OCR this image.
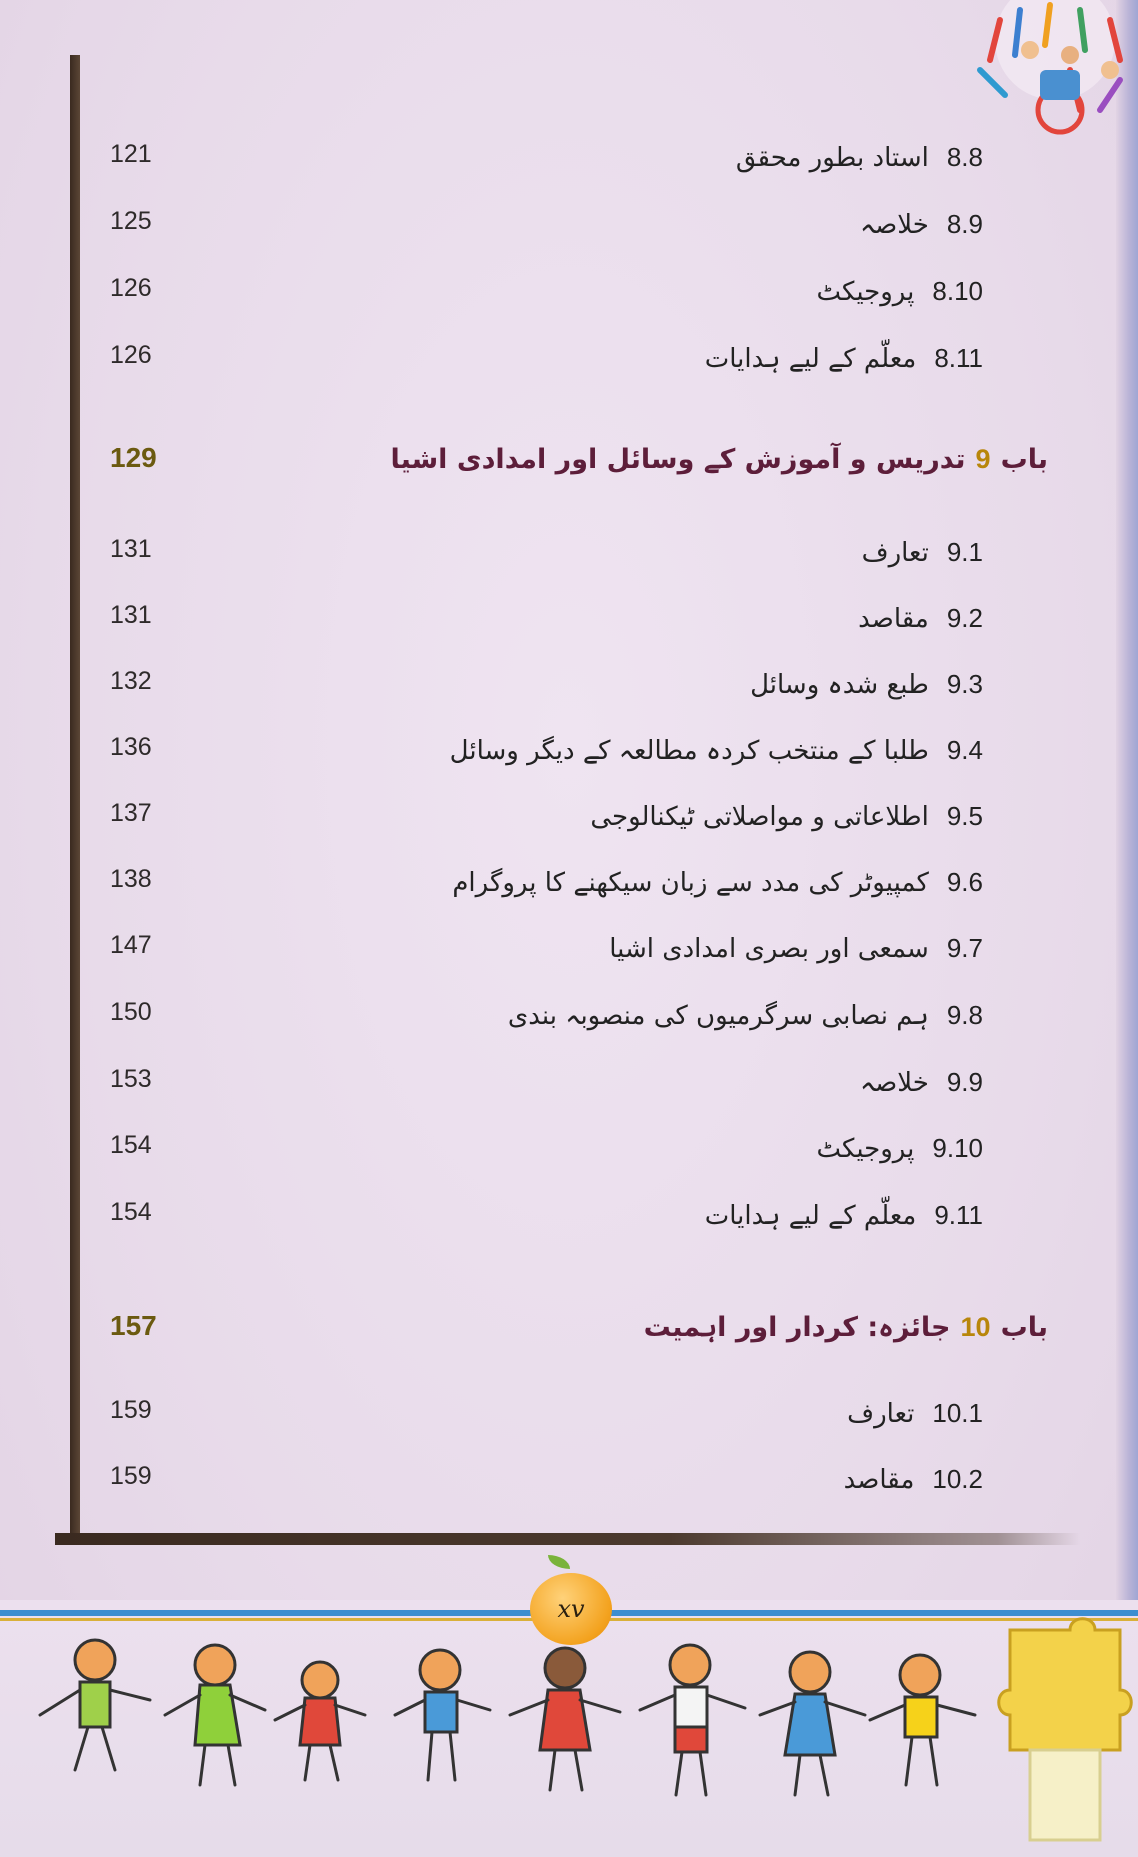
121	8.8استاد بطور محقق
125	8.9خلاصہ
126	8.10پروجیکٹ
126	8.11معلّم کے لیے ہدایات
129	باب9تدریس و آموزش کے وسائل اور امدادی اشیا
131	9.1تعارف
131	9.2مقاصد
132	9.3طبع شدہ وسائل
136	9.4طلبا کے منتخب کردہ مطالعہ کے دیگر وسائل
137	9.5اطلاعاتی و مواصلاتی ٹیکنالوجی
138	9.6کمپیوٹر کی مدد سے زبان سیکھنے کا پروگرام
147	9.7سمعی اور بصری امدادی اشیا
150	9.8ہم نصابی سرگرمیوں کی منصوبہ بندی
153	9.9خلاصہ
154	9.10پروجیکٹ
154	9.11معلّم کے لیے ہدایات
157	باب10جائزہ: کردار اور اہمیت
159	10.1تعارف
159	10.2مقاصد
xv
